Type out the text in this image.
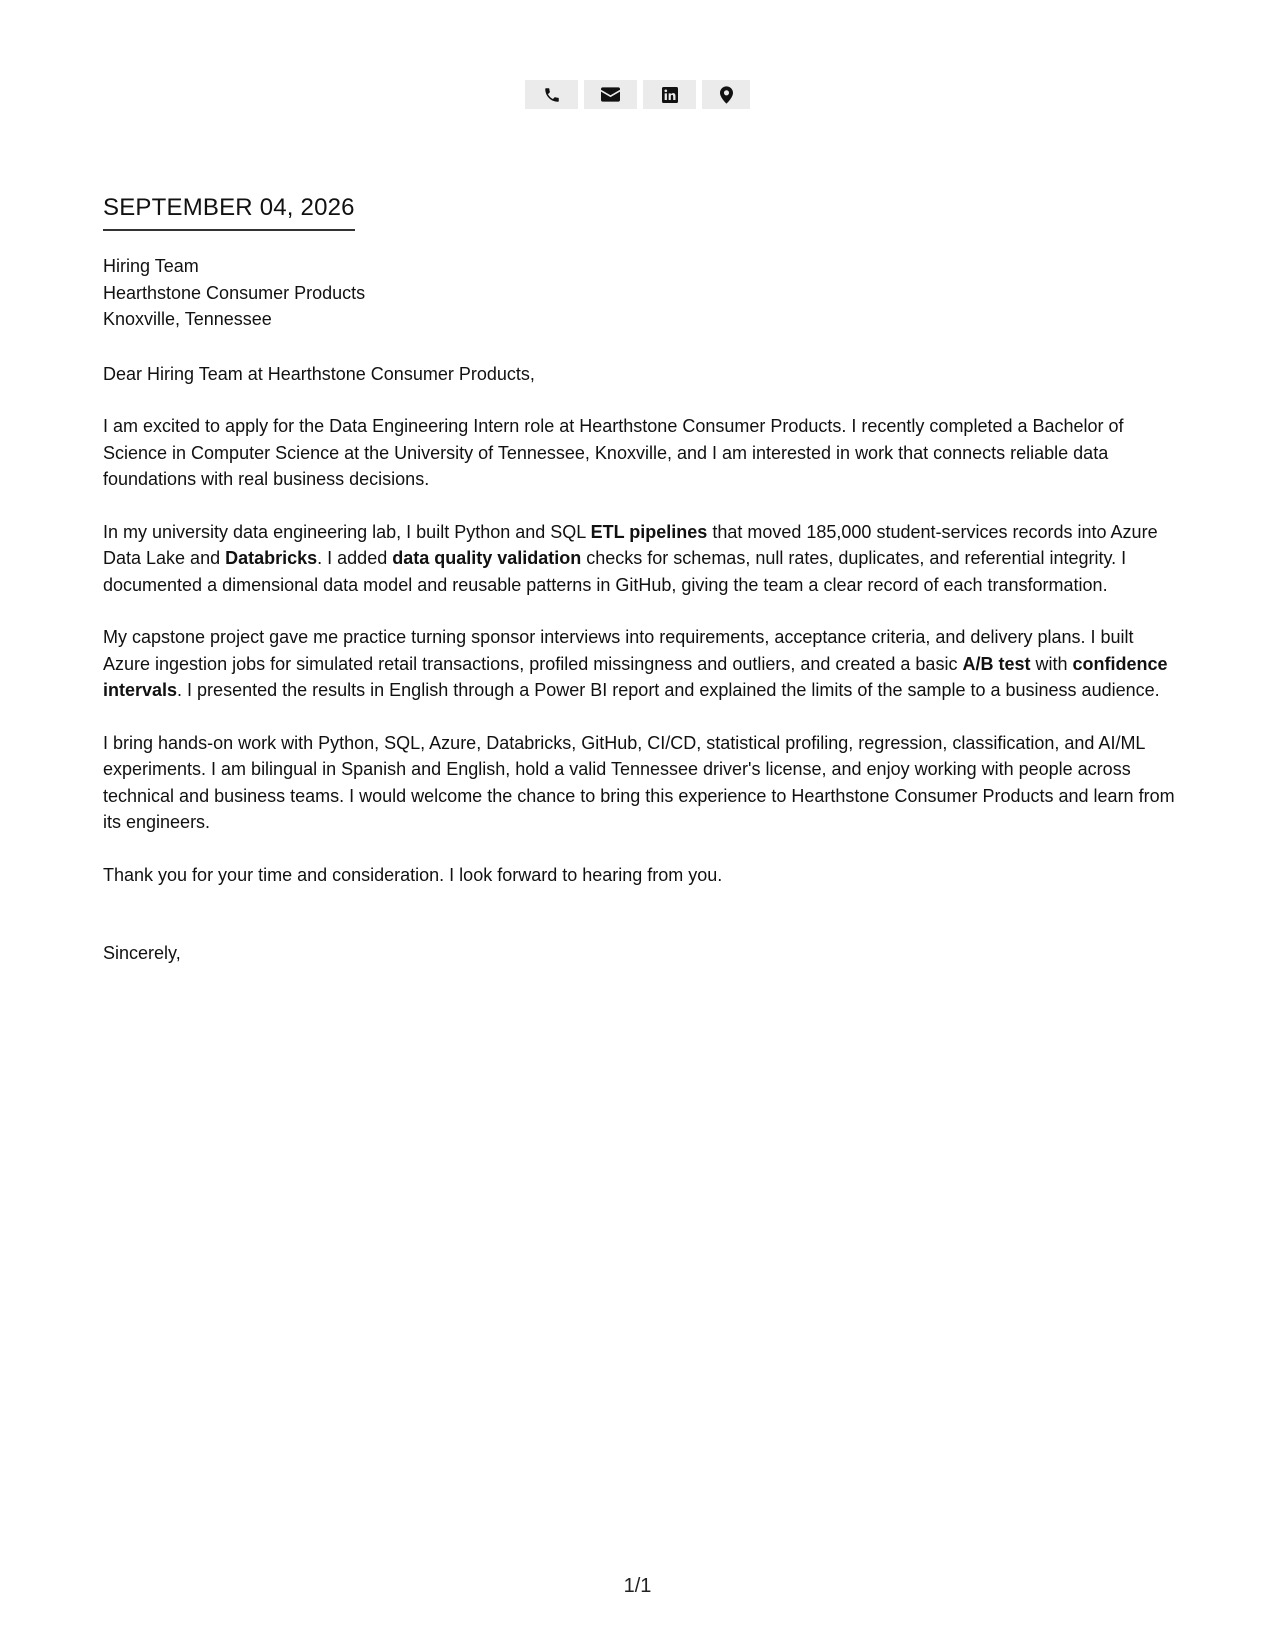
SEPTEMBER 04, 2026

Hiring Team
Hearthstone Consumer Products
Knoxville, Tennessee

Dear Hiring Team at Hearthstone Consumer Products,

I am excited to apply for the Data Engineering Intern role at Hearthstone Consumer Products. I recently completed a Bachelor of Science in Computer Science at the University of Tennessee, Knoxville, and I am interested in work that connects reliable data foundations with real business decisions.

In my university data engineering lab, I built Python and SQL ETL pipelines that moved 185,000 student-services records into Azure Data Lake and Databricks. I added data quality validation checks for schemas, null rates, duplicates, and referential integrity. I documented a dimensional data model and reusable patterns in GitHub, giving the team a clear record of each transformation.

My capstone project gave me practice turning sponsor interviews into requirements, acceptance criteria, and delivery plans. I built Azure ingestion jobs for simulated retail transactions, profiled missingness and outliers, and created a basic A/B test with confidence intervals. I presented the results in English through a Power BI report and explained the limits of the sample to a business audience.

I bring hands-on work with Python, SQL, Azure, Databricks, GitHub, CI/CD, statistical profiling, regression, classification, and AI/ML experiments. I am bilingual in Spanish and English, hold a valid Tennessee driver's license, and enjoy working with people across technical and business teams. I would welcome the chance to bring this experience to Hearthstone Consumer Products and learn from its engineers.

Thank you for your time and consideration. I look forward to hearing from you.

Sincerely,

1/1
